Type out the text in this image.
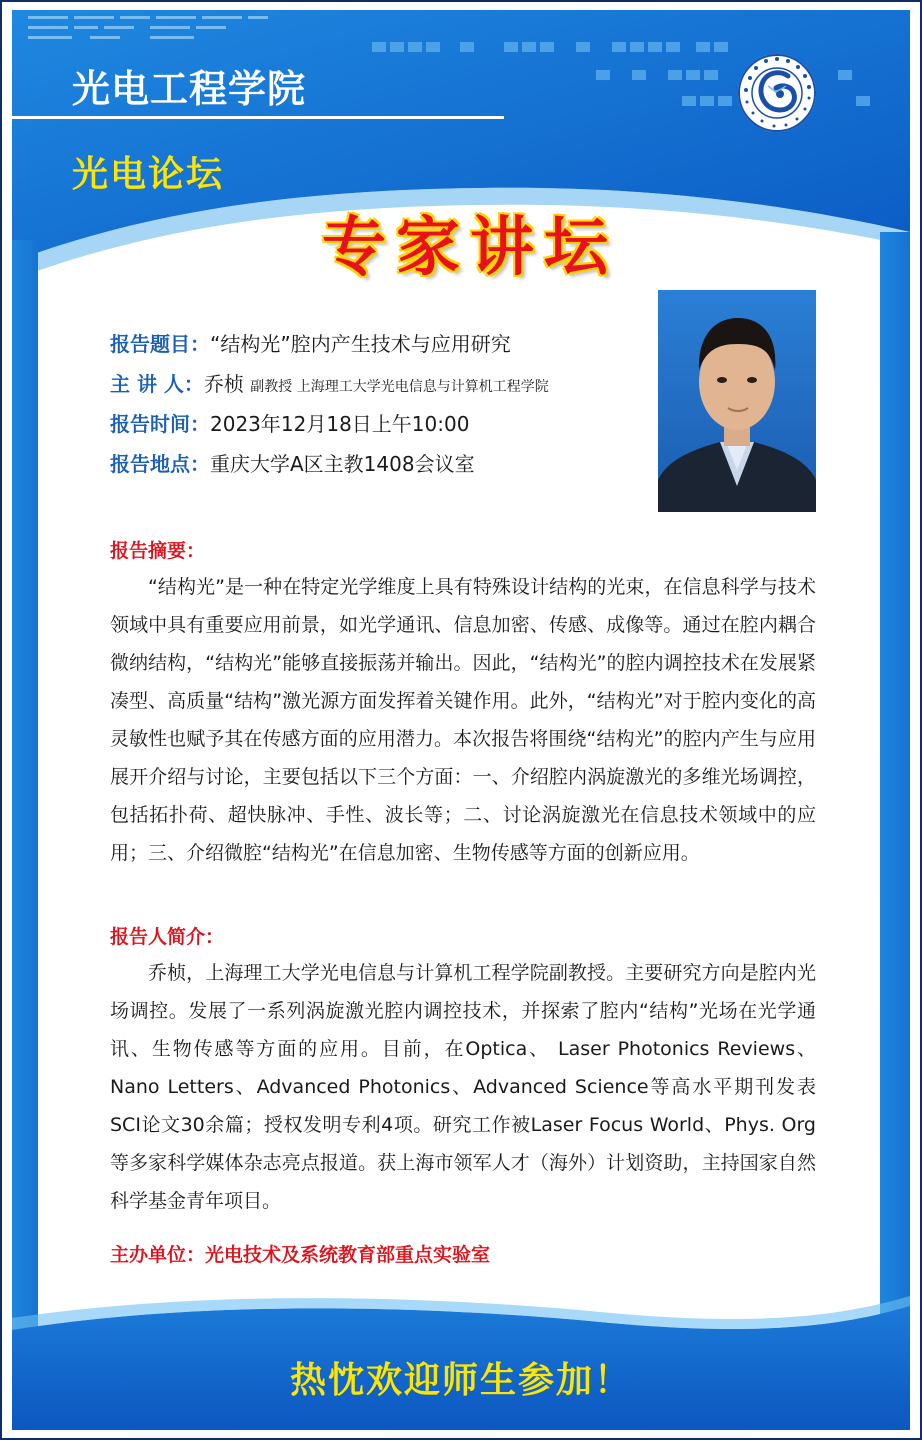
光电工程学院
光电论坛
专家讲坛
报告题目：“结构光”腔内产生技术与应用研究
主 讲 人：乔桢 副教授 上海理工大学光电信息与计算机工程学院
报告时间：2023年12月18日上午10:00
报告地点：重庆大学A区主教1408会议室
报告摘要：

“结构光”是一种在特定光学维度上具有特殊设计结构的光束，在信息科学与技术领域中具有重要应用前景，如光学通讯、信息加密、传感、成像等。通过在腔内耦合微纳结构，“结构光”能够直接振荡并输出。因此，“结构光”的腔内调控技术在发展紧凑型、高质量“结构”激光源方面发挥着关键作用。此外，“结构光”对于腔内变化的高灵敏性也赋予其在传感方面的应用潜力。本次报告将围绕“结构光”的腔内产生与应用展开介绍与讨论，主要包括以下三个方面：一、介绍腔内涡旋激光的多维光场调控，包括拓扑荷、超快脉冲、手性、波长等；二、讨论涡旋激光在信息技术领域中的应用；三、介绍微腔“结构光”在信息加密、生物传感等方面的创新应用。

报告人简介：

乔桢，上海理工大学光电信息与计算机工程学院副教授。主要研究方向是腔内光场调控。发展了一系列涡旋激光腔内调控技术，并探索了腔内“结构”光场在光学通讯、生物传感等方面的应用。目前，在Optica、 Laser Photonics Reviews、Nano Letters、Advanced Photonics、Advanced Science等高水平期刊发表SCI论文30余篇；授权发明专利4项。研究工作被Laser Focus World、Phys. Org等多家科学媒体杂志亮点报道。获上海市领军人才（海外）计划资助，主持国家自然科学基金青年项目。

主办单位：光电技术及系统教育部重点实验室
热忱欢迎师生参加！
